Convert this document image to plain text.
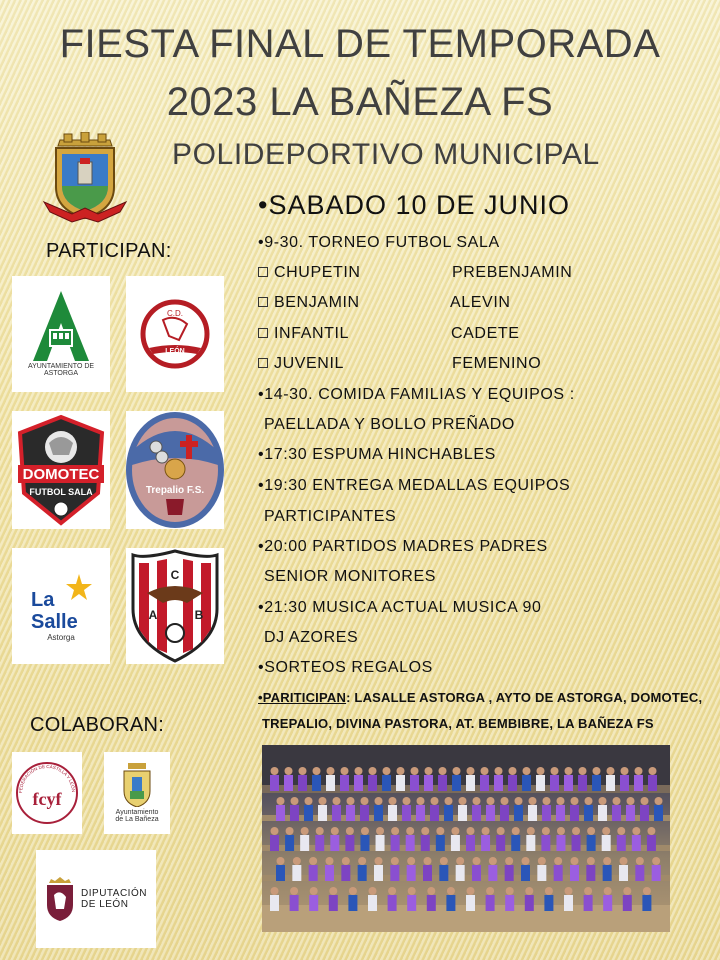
FIESTA FINAL DE TEMPORADA
2023 LA BAÑEZA FS
POLIDEPORTIVO MUNICIPAL
PARTICIPAN:
AYUNTAMIENTO DE ASTORGA
C.D.
LEÓN
DOMOTEC
FUTBOL SALA	Trepalio F.S.
La
Salle
Astorga
C
A	B
COLABORAN:
FEDERACIÓN DE CASTILLA Y LEÓN
fcyf
Ayuntamiento
de La Bañeza
DIPUTACIÓN
DE LEÓN
•SABADO 10 DE JUNIO
•9-30. TORNEO FUTBOL SALA
CHUPETIN	PREBENJAMIN
BENJAMIN	ALEVIN
INFANTIL	CADETE
JUVENIL	FEMENINO
•14-30. COMIDA FAMILIAS Y EQUIPOS :
PAELLADA Y BOLLO PREÑADO
•17:30 ESPUMA HINCHABLES
•19:30 ENTREGA MEDALLAS EQUIPOS
PARTICIPANTES
•20:00 PARTIDOS MADRES PADRES
SENIOR MONITORES
•21:30 MUSICA ACTUAL MUSICA 90
DJ AZORES
•SORTEOS REGALOS
•PARITICIPAN: LASALLE ASTORGA , AYTO DE ASTORGA, DOMOTEC,
TREPALIO, DIVINA PASTORA, AT. BEMBIBRE, LA BAÑEZA FS
